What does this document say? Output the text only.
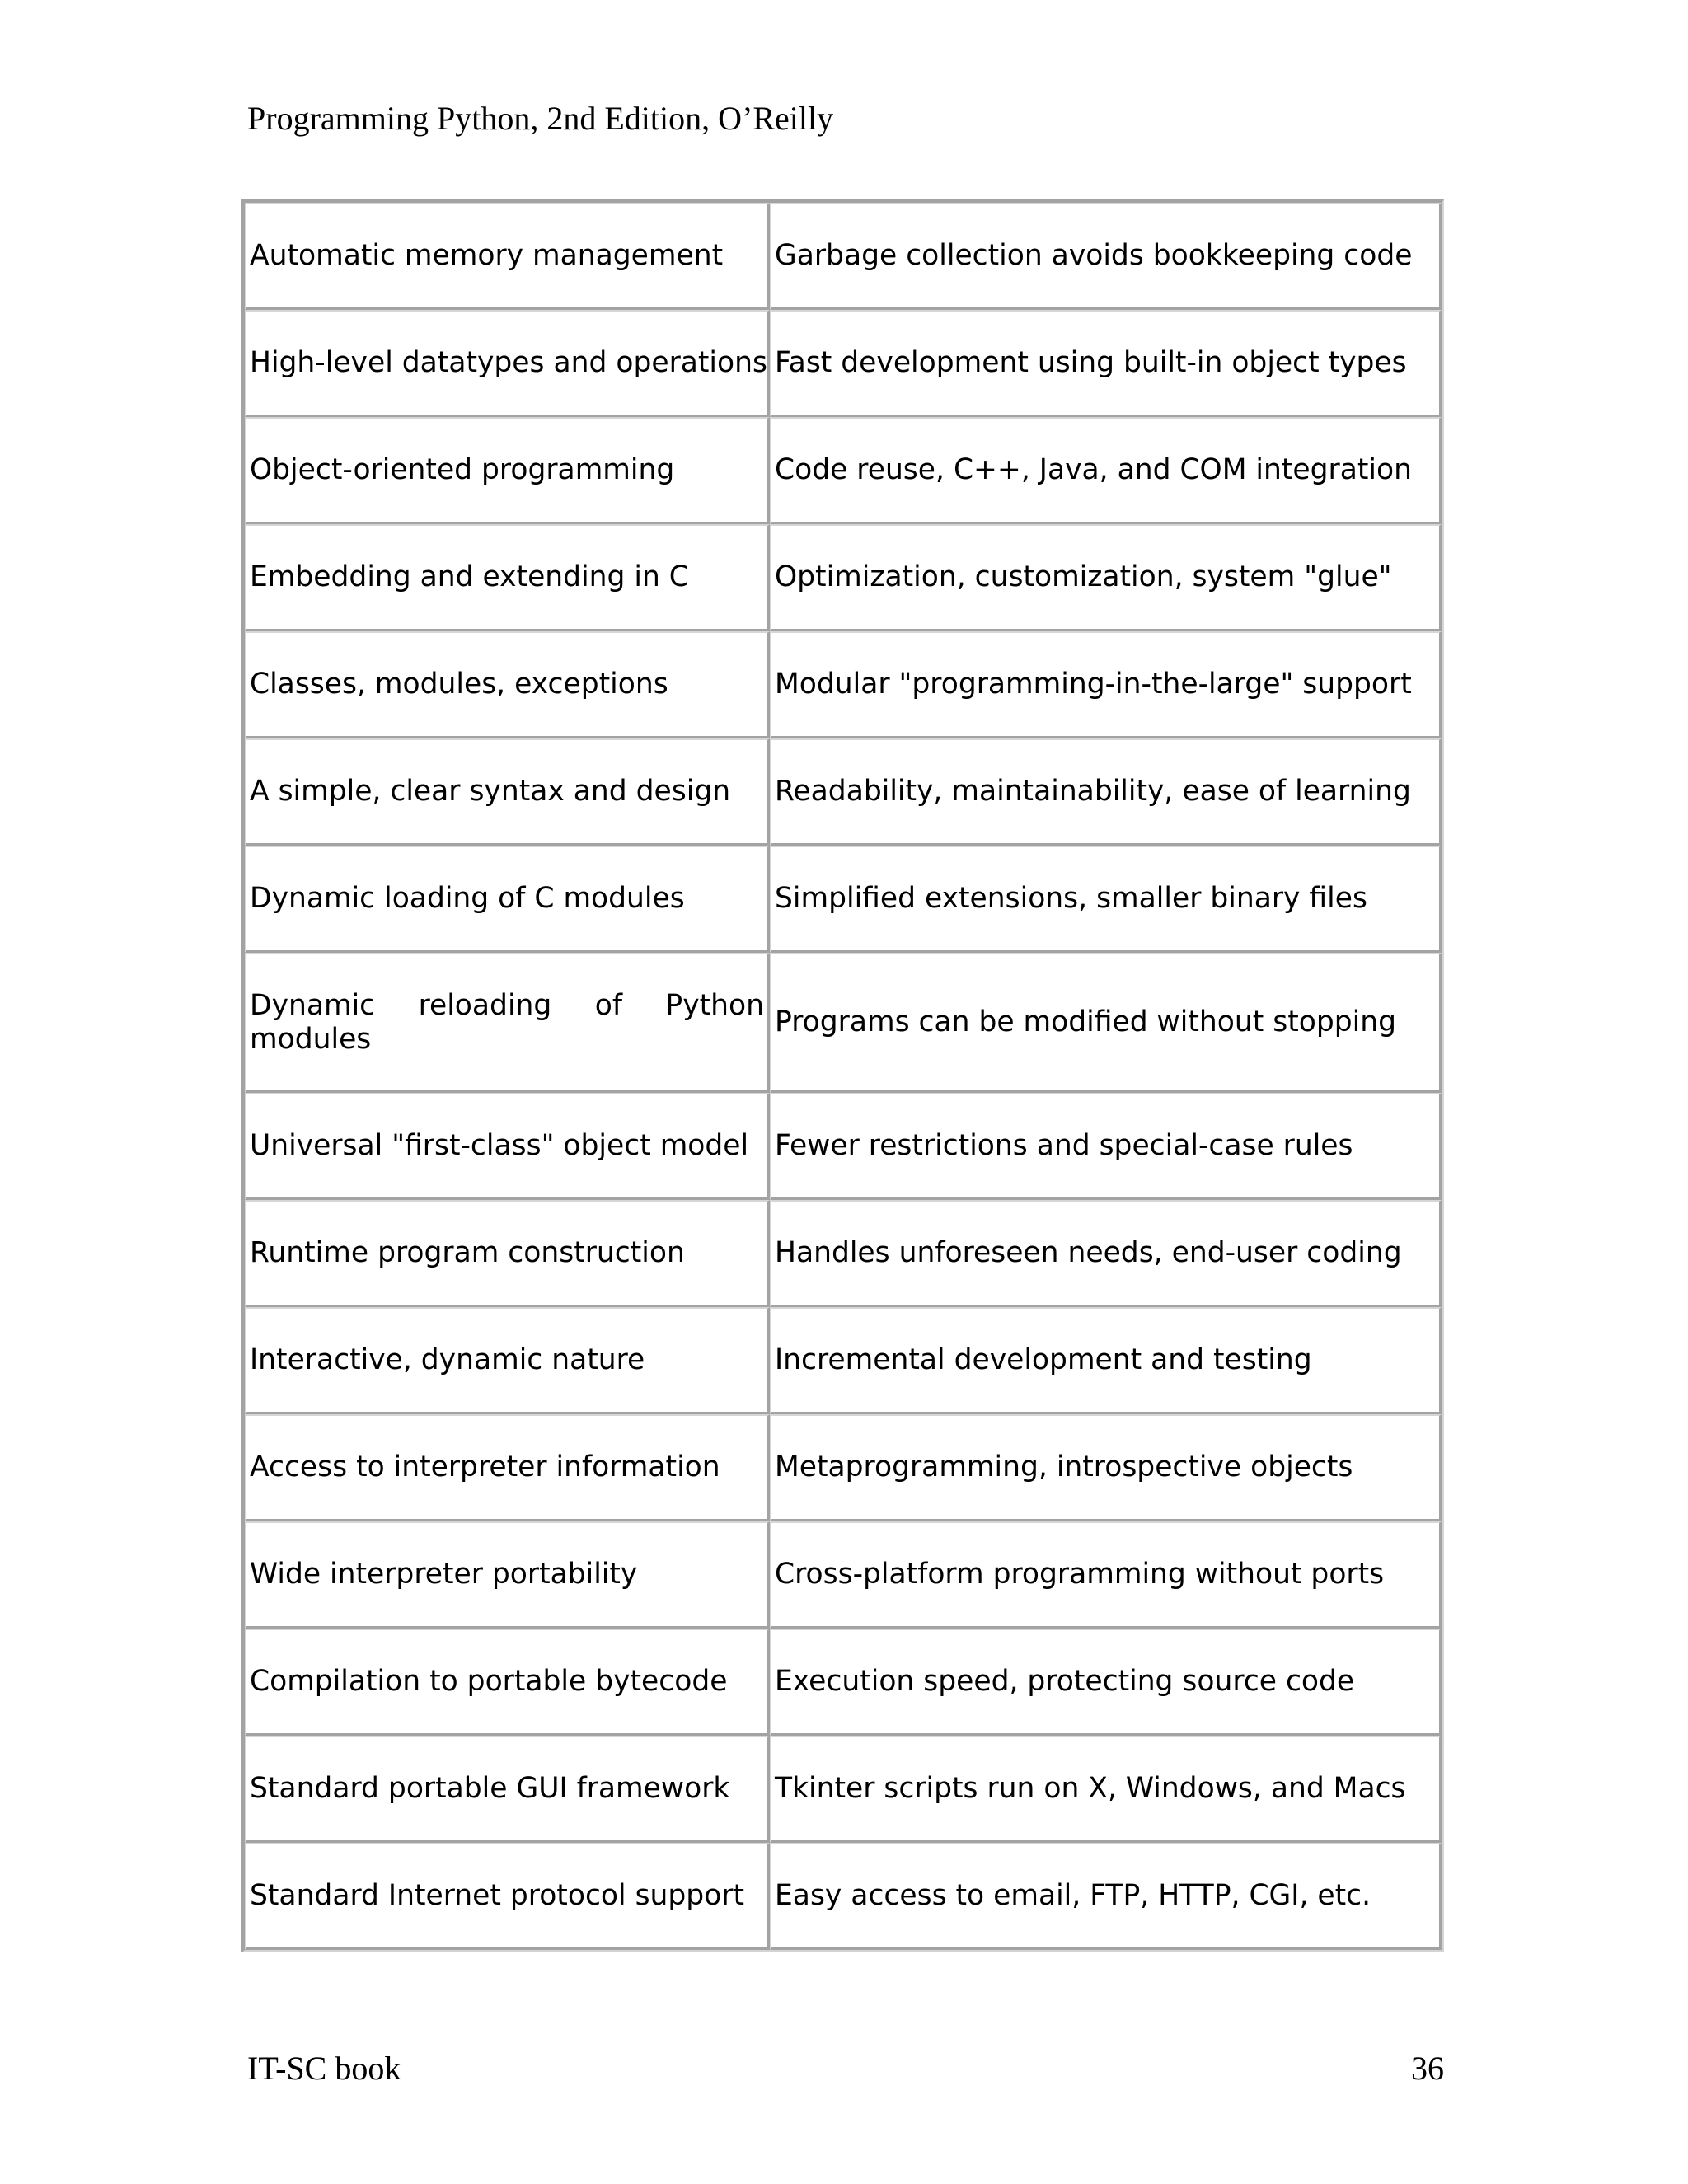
Programming Python, 2nd Edition, O’Reilly
Automatic memory management	Garbage collection avoids bookkeeping code
High-level datatypes and operations	Fast development using built-in object types
Object-oriented programming	Code reuse, C++, Java, and COM integration
Embedding and extending in C	Optimization, customization, system "glue"
Classes, modules, exceptions	Modular "programming-in-the-large" support
A simple, clear syntax and design	Readability, maintainability, ease of learning
Dynamic loading of C modules	Simplified extensions, smaller binary files
Dynamic reloading of Python modules	Programs can be modified without stopping
Universal "first-class" object model	Fewer restrictions and special-case rules
Runtime program construction	Handles unforeseen needs, end-user coding
Interactive, dynamic nature	Incremental development and testing
Access to interpreter information	Metaprogramming, introspective objects
Wide interpreter portability	Cross-platform programming without ports
Compilation to portable bytecode	Execution speed, protecting source code
Standard portable GUI framework	Tkinter scripts run on X, Windows, and Macs
Standard Internet protocol support	Easy access to email, FTP, HTTP, CGI, etc.
IT-SC book	36
